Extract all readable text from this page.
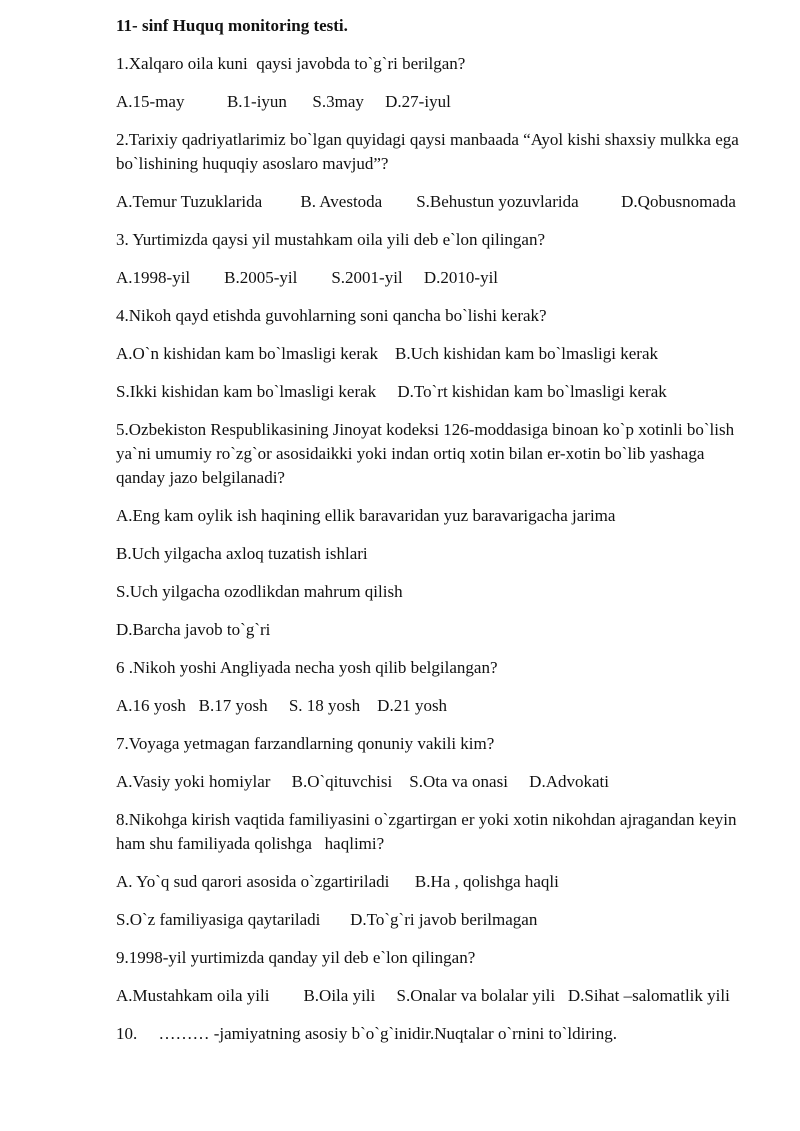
11- sinf Huquq monitoring testi.
1.Xalqaro oila kuni  qaysi javobda to`g`ri berilgan?
A.15-may          B.1-iyun      S.3may     D.27-iyul
2.Tarixiy qadriyatlarimiz bo`lgan quyidagi qaysi manbaada “Ayol kishi shaxsiy mulkka ega bo`lishining huquqiy asoslaro mavjud”?
A.Temur Tuzuklarida         B. Avestoda        S.Behustun yozuvlarida          D.Qobusnomada
3. Yurtimizda qaysi yil mustahkam oila yili deb e`lon qilingan?
A.1998-yil        B.2005-yil        S.2001-yil     D.2010-yil
4.Nikoh qayd etishda guvohlarning soni qancha bo`lishi kerak?
A.O`n kishidan kam bo`lmasligi kerak    B.Uch kishidan kam bo`lmasligi kerak
S.Ikki kishidan kam bo`lmasligi kerak     D.To`rt kishidan kam bo`lmasligi kerak
5.Ozbekiston Respublikasining Jinoyat kodeksi 126-moddasiga binoan ko`p xotinli bo`lish ya`ni umumiy ro`zg`or asosidaikki yoki indan ortiq xotin bilan er-xotin bo`lib yashaga qanday jazo belgilanadi?
A.Eng kam oylik ish haqining ellik baravaridan yuz baravarigacha jarima
B.Uch yilgacha axloq tuzatish ishlari
S.Uch yilgacha ozodlikdan mahrum qilish
D.Barcha javob to`g`ri
6 .Nikoh yoshi Angliyada necha yosh qilib belgilangan?
A.16 yosh   B.17 yosh     S. 18 yosh    D.21 yosh
7.Voyaga yetmagan farzandlarning qonuniy vakili kim?
A.Vasiy yoki homiylar     B.O`qituvchisi    S.Ota va onasi     D.Advokati
8.Nikohga kirish vaqtida familiyasini o`zgartirgan er yoki xotin nikohdan ajragandan keyin ham shu familiyada qolishga   haqlimi?
A. Yo`q sud qarori asosida o`zgartiriladi      B.Ha , qolishga haqli
S.O`z familiyasiga qaytariladi       D.To`g`ri javob berilmagan
9.1998-yil yurtimizda qanday yil deb e`lon qilingan?
A.Mustahkam oila yili        B.Oila yili     S.Onalar va bolalar yili   D.Sihat –salomatlik yili
10.     ……… -jamiyatning asosiy b`o`g`inidir.Nuqtalar o`rnini to`ldiring.
